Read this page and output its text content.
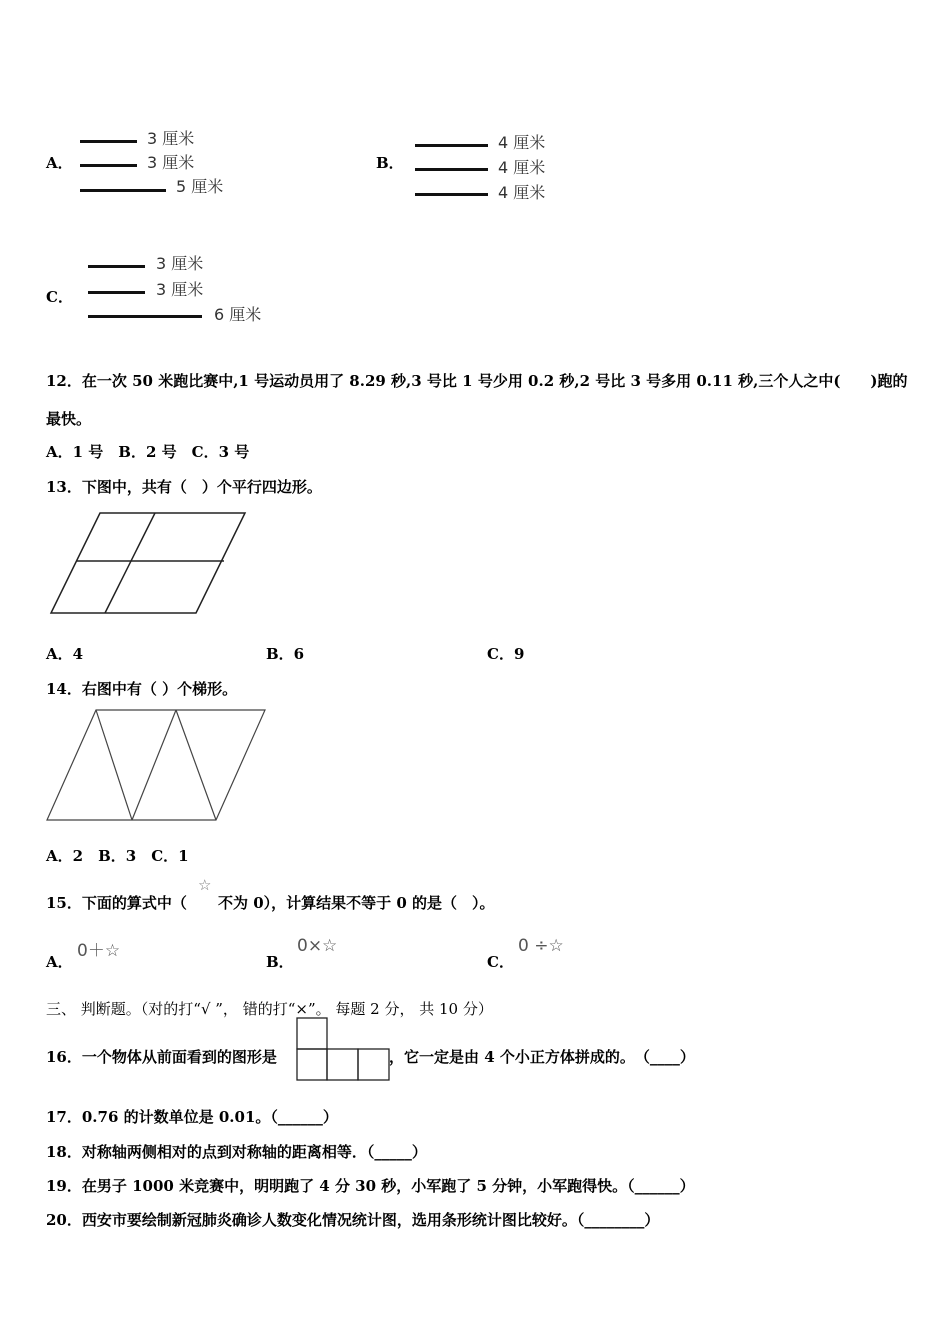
A．
3 厘米
3 厘米
5 厘米
B．
4 厘米
4 厘米
4 厘米
C．
3 厘米
3 厘米
6 厘米
12．在一次 50 米跑比赛中,1 号运动员用了 8.29 秒,3 号比 1 号少用 0.2 秒,2 号比 3 号多用 0.11 秒,三个人之中(　　)跑的
最快。
A．1 号　B．2 号　C．3 号
13．下图中，共有（　）个平行四边形。
A．4	B．6	C．9
14．右图中有（ ）个梯形。
A．2　B．3　C．1
15．下面的算式中（
☆
不为 0），计算结果不等于 0 的是（　）。
A．
0＋☆
B．
0×☆
C．
0 ÷☆
三、 判断题。（对的打“√ ”， 错的打“×”。 每题 2 分， 共 10 分）
16．一个物体从前面看到的图形是	，它一定是由 4 个小正方体拼成的。　（____）
17．0.76 的计数单位是 0.01。（______）
18．对称轴两侧相对的点到对称轴的距离相等．（_____）
19．在男子 1000 米竞赛中，明明跑了 4 分 30 秒，小军跑了 5 分钟，小军跑得快。（______）
20．西安市要绘制新冠肺炎确诊人数变化情况统计图，选用条形统计图比较好。（________）
